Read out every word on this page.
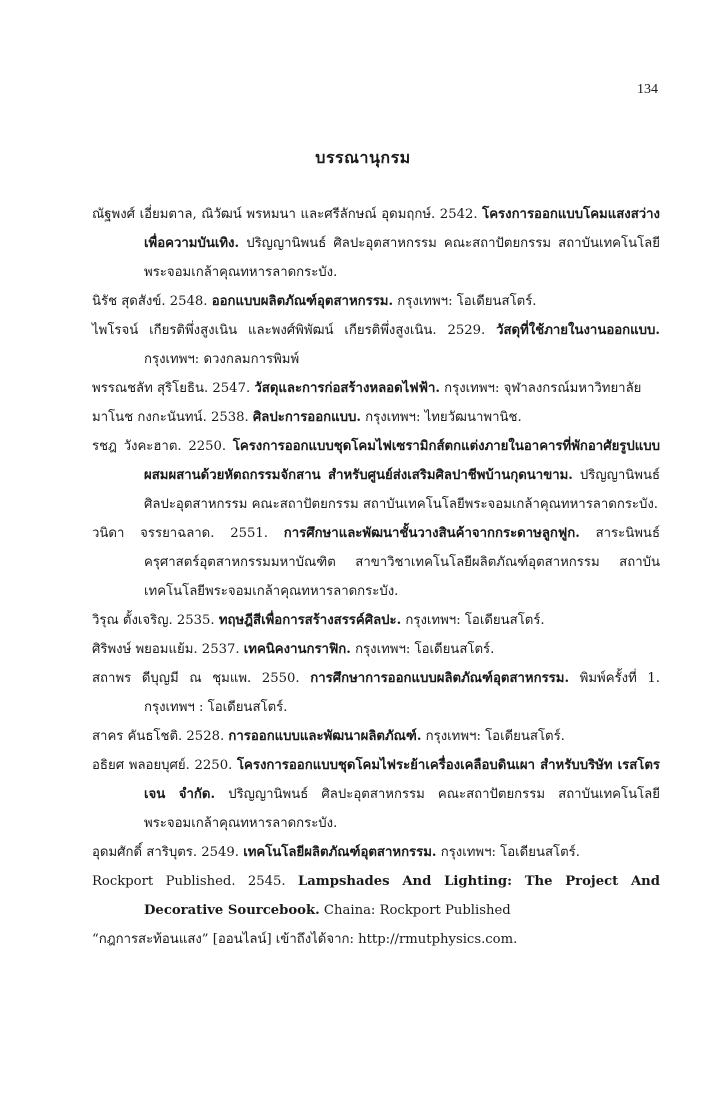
134
บรรณานุกรม

ณัฐพงศ์ เอี่ยมตาล, ณิวัฒน์ พรหมนา และศรีลักษณ์ อุดมฤกษ์. 2542. โครงการออกแบบโคมแสงสว่างเพื่อความบันเทิง. ปริญญานิพนธ์ ศิลปะอุตสาหกรรม คณะสถาปัตยกรรม สถาบันเทคโนโลยีพระจอมเกล้าคุณทหารลาดกระบัง.

นิรัช สุดสังข์. 2548. ออกแบบผลิตภัณฑ์อุตสาหกรรม. กรุงเทพฯ: โอเดียนสโตร์.

ไพโรจน์ เกียรติพึ่งสูงเนิน และพงศ์พิพัฒน์ เกียรติพึ่งสูงเนิน. 2529. วัสดุที่ใช้ภายในงานออกแบบ. กรุงเทพฯ: ดวงกลมการพิมพ์

พรรณชลัท สุริโยธิน. 2547. วัสดุและการก่อสร้างหลอดไฟฟ้า. กรุงเทพฯ: จุฬาลงกรณ์มหาวิทยาลัย

มาโนช กงกะนันทน์. 2538. ศิลปะการออกแบบ. กรุงเทพฯ: ไทยวัฒนาพานิช.

รชฎ วังคะฮาต. 2250. โครงการออกแบบชุดโคมไฟเซรามิกส์ตกแต่งภายในอาคารที่พักอาศัยรูปแบบผสมผสานด้วยหัตถกรรมจักสาน สำหรับศูนย์ส่งเสริมศิลปาชีพบ้านกุดนาขาม. ปริญญานิพนธ์ ศิลปะอุตสาหกรรม คณะสถาปัตยกรรม สถาบันเทคโนโลยีพระจอมเกล้าคุณทหารลาดกระบัง.

วนิดา จรรยาฉลาด. 2551. การศึกษาและพัฒนาชั้นวางสินค้าจากกระดาษลูกฟูก. สาระนิพนธ์ ครุศาสตร์อุตสาหกรรมมหาบัณฑิต สาขาวิชาเทคโนโลยีผลิตภัณฑ์อุตสาหกรรม สถาบันเทคโนโลยีพระจอมเกล้าคุณทหารลาดกระบัง.

วิรุณ ตั้งเจริญ. 2535. ทฤษฎีสีเพื่อการสร้างสรรค์ศิลปะ. กรุงเทพฯ: โอเดียนสโตร์.

ศิริพงษ์ พยอมแย้ม. 2537. เทคนิคงานกราฟิก. กรุงเทพฯ: โอเดียนสโตร์.

สถาพร ดีบุญมี ณ ชุมแพ. 2550. การศึกษาการออกแบบผลิตภัณฑ์อุตสาหกรรม. พิมพ์ครั้งที่ 1. กรุงเทพฯ : โอเดียนสโตร์.

สาคร คันธโชติ. 2528. การออกแบบและพัฒนาผลิตภัณฑ์. กรุงเทพฯ: โอเดียนสโตร์.

อธิยศ พลอยบุศย์. 2250. โครงการออกแบบชุดโคมไฟระย้าเครื่องเคลือบดินเผา สำหรับบริษัท เรสโตรเจน จำกัด. ปริญญานิพนธ์ ศิลปะอุตสาหกรรม คณะสถาปัตยกรรม สถาบันเทคโนโลยีพระจอมเกล้าคุณทหารลาดกระบัง.

อุดมศักดิ์ สาริบุตร. 2549. เทคโนโลยีผลิตภัณฑ์อุตสาหกรรม. กรุงเทพฯ: โอเดียนสโตร์.

Rockport Published. 2545. Lampshades And Lighting: The Project And Decorative Sourcebook. Chaina: Rockport Published

“กฎการสะท้อนแสง” [ออนไลน์] เข้าถึงได้จาก: http://rmutphysics.com.
